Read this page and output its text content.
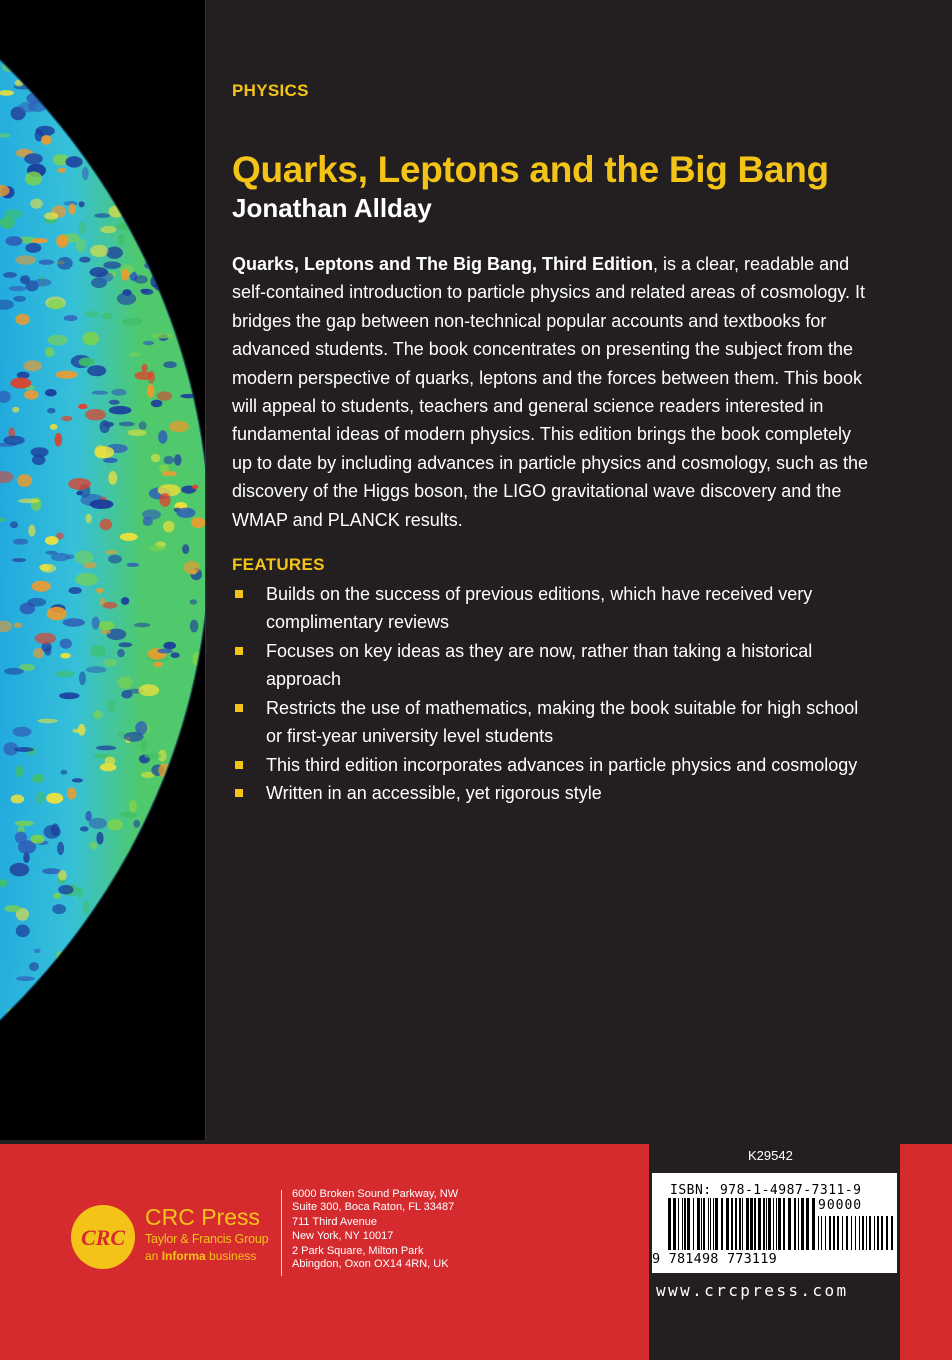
PHYSICS

Quarks, Leptons and the Big Bang
Jonathan Allday

Quarks, Leptons and The Big Bang, Third Edition, is a clear, readable and self-contained introduction to particle physics and related areas of cosmology. It bridges the gap between non-technical popular accounts and textbooks for advanced students. The book concentrates on presenting the subject from the modern perspective of quarks, leptons and the forces between them. This book will appeal to students, teachers and general science readers interested in fundamental ideas of modern physics. This edition brings the book completely up to date by including advances in particle physics and cosmology, such as the discovery of the Higgs boson, the LIGO gravitational wave discovery and the WMAP and PLANCK results.

FEATURES

Builds on the success of previous editions, which have received very complimentary reviews
Focuses on key ideas as they are now, rather than taking a historical approach
Restricts the use of mathematics, making the book suitable for high school or first-year university level students
This third edition incorporates advances in particle physics and cosmology
Written in an accessible, yet rigorous style
CRC
CRC Press
Taylor & Francis Group
an Informa business
6000 Broken Sound Parkway, NW
Suite 300, Boca Raton, FL 33487
711 Third Avenue
New York, NY 10017
2 Park Square, Milton Park
Abingdon, Oxon OX14 4RN, UK
K29542
ISBN: 978-1-4987-7311-9
90000
9 781498 773119
www.crcpress.com
